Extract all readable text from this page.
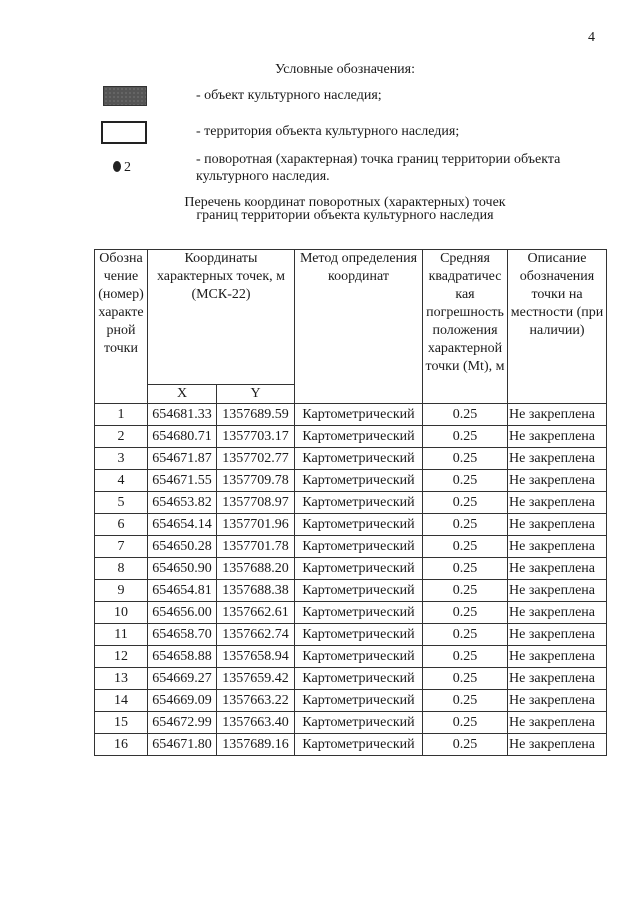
4
Условные обозначения:
- объект культурного наследия;
- территория объекта культурного наследия;
2
- поворотная (характерная) точка границ территории объекта культурного наследия.
Перечень координат поворотных (характерных) точек
границ территории объекта культурного наследия
Обозна чение (номер) характе рной точки	Координаты характерных точек, м (МСК-22)		Метод определения координат	Средняя квадратичес кая погрешность положения характерной точки (Mt), м	Описание обозначения точки на местности (при наличии)
	X	Y			
1	654681.33	1357689.59	Картометрический	0.25	Не закреплена
2	654680.71	1357703.17	Картометрический	0.25	Не закреплена
3	654671.87	1357702.77	Картометрический	0.25	Не закреплена
4	654671.55	1357709.78	Картометрический	0.25	Не закреплена
5	654653.82	1357708.97	Картометрический	0.25	Не закреплена
6	654654.14	1357701.96	Картометрический	0.25	Не закреплена
7	654650.28	1357701.78	Картометрический	0.25	Не закреплена
8	654650.90	1357688.20	Картометрический	0.25	Не закреплена
9	654654.81	1357688.38	Картометрический	0.25	Не закреплена
10	654656.00	1357662.61	Картометрический	0.25	Не закреплена
11	654658.70	1357662.74	Картометрический	0.25	Не закреплена
12	654658.88	1357658.94	Картометрический	0.25	Не закреплена
13	654669.27	1357659.42	Картометрический	0.25	Не закреплена
14	654669.09	1357663.22	Картометрический	0.25	Не закреплена
15	654672.99	1357663.40	Картометрический	0.25	Не закреплена
16	654671.80	1357689.16	Картометрический	0.25	Не закреплена
